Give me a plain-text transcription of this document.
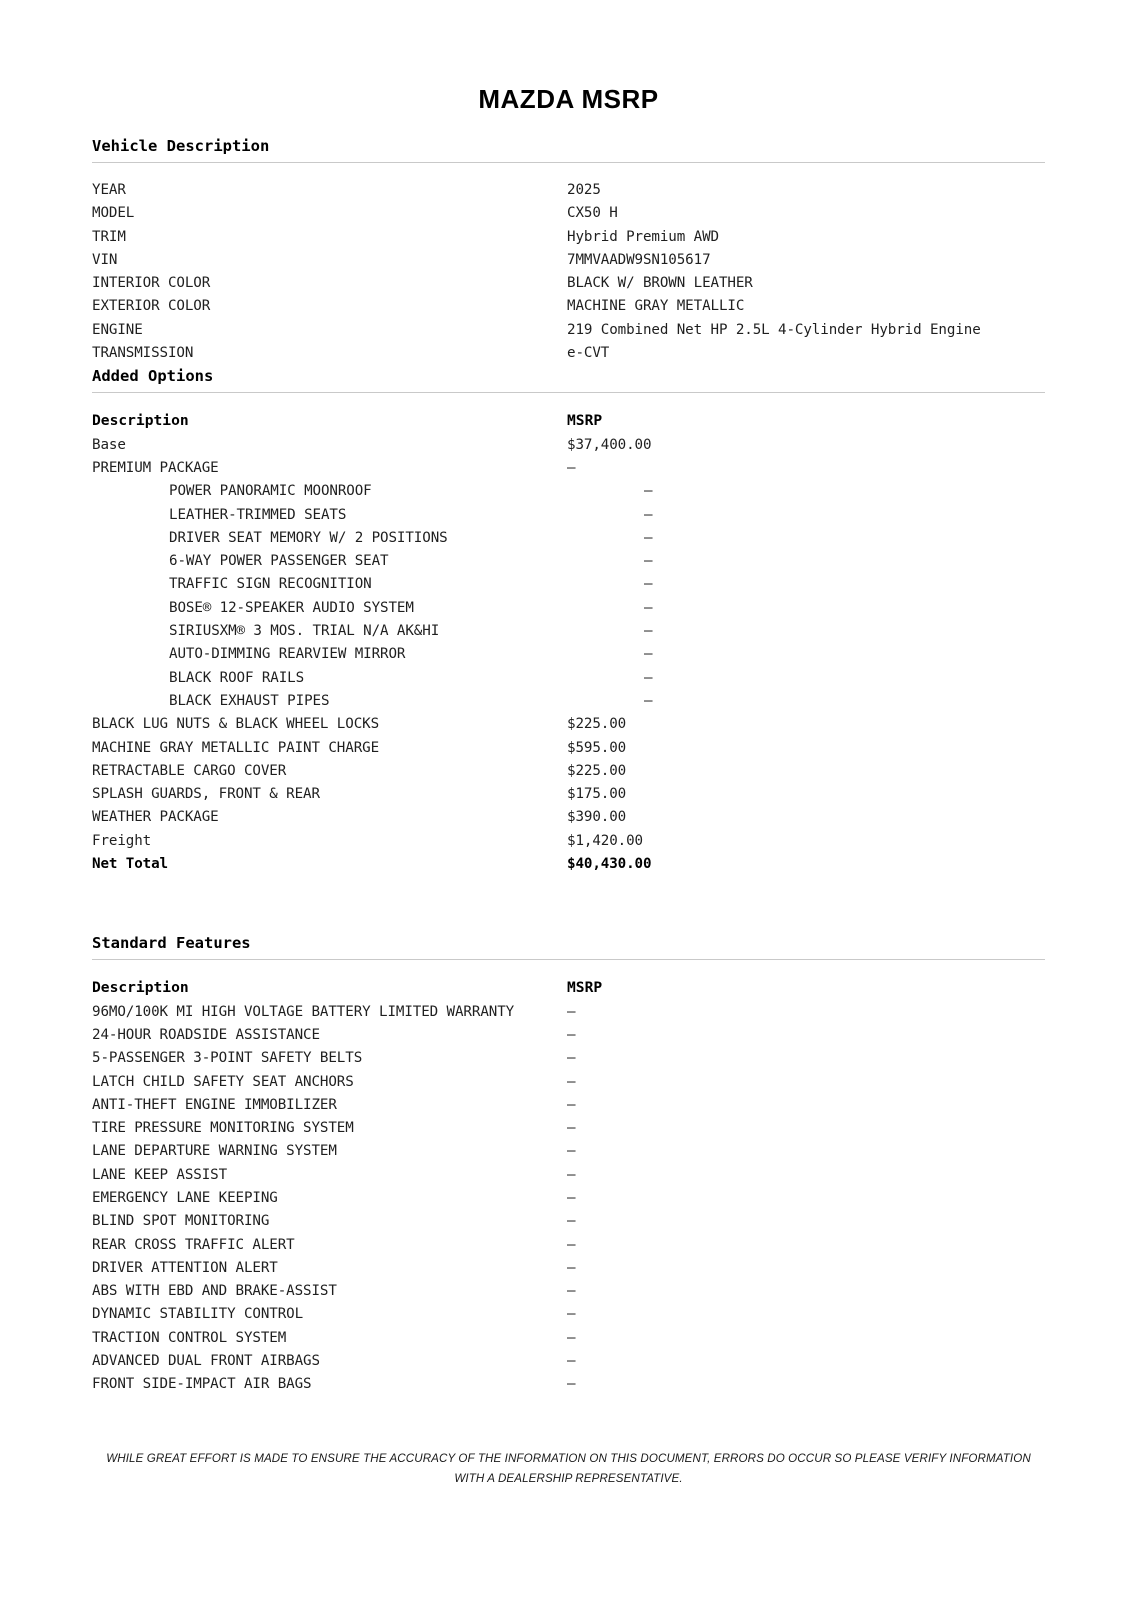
MAZDA MSRP
Vehicle Description
YEAR	2025
MODEL	CX50 H
TRIM	Hybrid Premium AWD
VIN	7MMVAADW9SN105617
INTERIOR COLOR	BLACK W/ BROWN LEATHER
EXTERIOR COLOR	MACHINE GRAY METALLIC
ENGINE	219 Combined Net HP 2.5L 4-Cylinder Hybrid Engine
TRANSMISSION	e-CVT
Added Options
Description	MSRP
Base	$37,400.00
PREMIUM PACKAGE	—
POWER PANORAMIC MOONROOF	—
LEATHER-TRIMMED SEATS	—
DRIVER SEAT MEMORY W/ 2 POSITIONS	—
6-WAY POWER PASSENGER SEAT	—
TRAFFIC SIGN RECOGNITION	—
BOSE® 12-SPEAKER AUDIO SYSTEM	—
SIRIUSXM® 3 MOS. TRIAL N/A AK&HI	—
AUTO-DIMMING REARVIEW MIRROR	—
BLACK ROOF RAILS	—
BLACK EXHAUST PIPES	—
BLACK LUG NUTS & BLACK WHEEL LOCKS	$225.00
MACHINE GRAY METALLIC PAINT CHARGE	$595.00
RETRACTABLE CARGO COVER	$225.00
SPLASH GUARDS, FRONT & REAR	$175.00
WEATHER PACKAGE	$390.00
Freight	$1,420.00
Net Total	$40,430.00
Standard Features
Description	MSRP
96MO/100K MI HIGH VOLTAGE BATTERY LIMITED WARRANTY	—
24-HOUR ROADSIDE ASSISTANCE	—
5-PASSENGER 3-POINT SAFETY BELTS	—
LATCH CHILD SAFETY SEAT ANCHORS	—
ANTI-THEFT ENGINE IMMOBILIZER	—
TIRE PRESSURE MONITORING SYSTEM	—
LANE DEPARTURE WARNING SYSTEM	—
LANE KEEP ASSIST	—
EMERGENCY LANE KEEPING	—
BLIND SPOT MONITORING	—
REAR CROSS TRAFFIC ALERT	—
DRIVER ATTENTION ALERT	—
ABS WITH EBD AND BRAKE-ASSIST	—
DYNAMIC STABILITY CONTROL	—
TRACTION CONTROL SYSTEM	—
ADVANCED DUAL FRONT AIRBAGS	—
FRONT SIDE-IMPACT AIR BAGS	—
WHILE GREAT EFFORT IS MADE TO ENSURE THE ACCURACY OF THE INFORMATION ON THIS DOCUMENT, ERRORS DO OCCUR SO PLEASE VERIFY INFORMATION WITH A DEALERSHIP REPRESENTATIVE.
